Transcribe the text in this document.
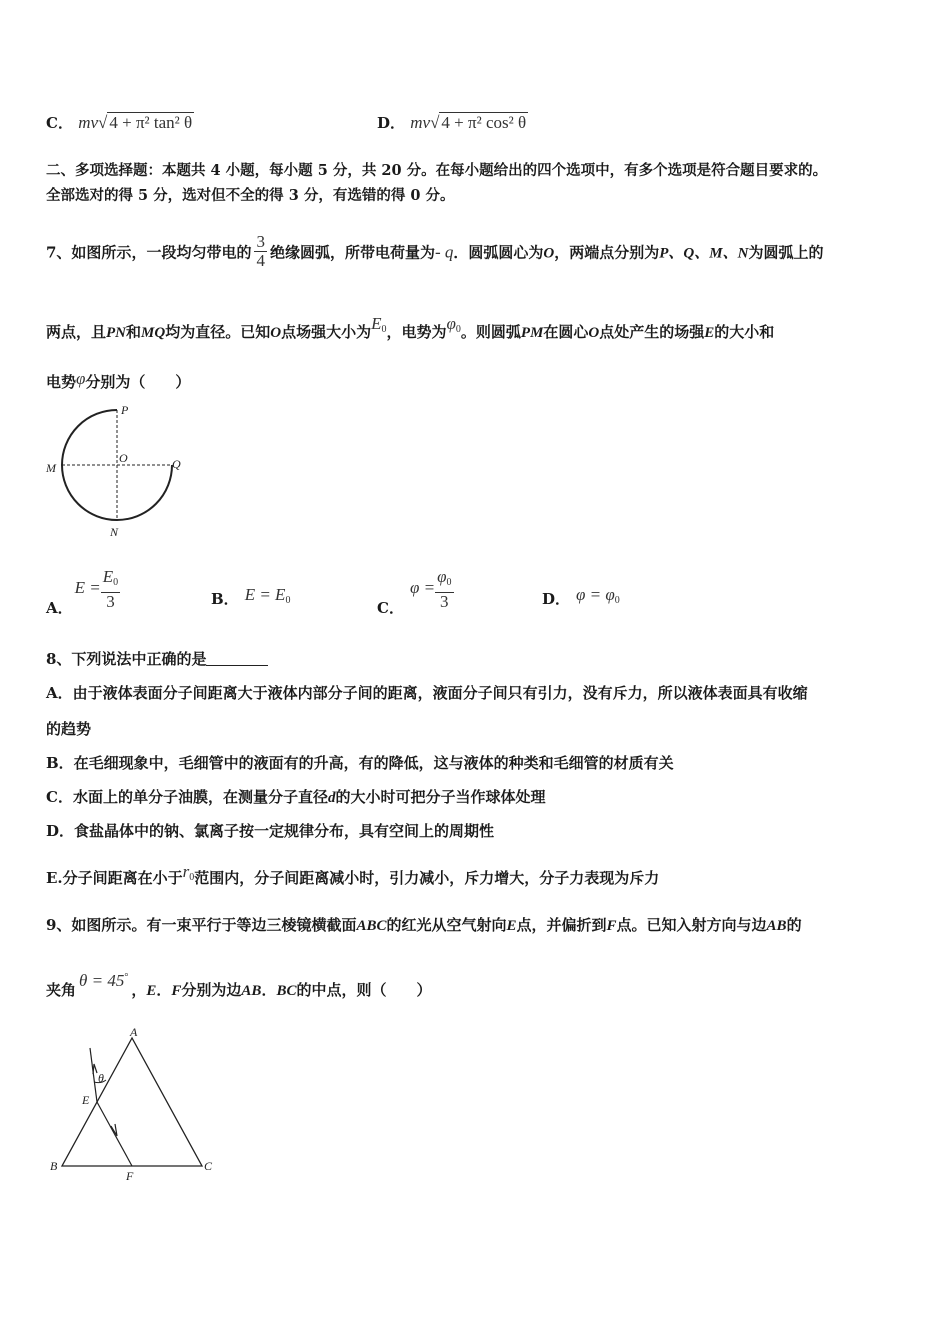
C． mv√ 4 + π² tan² θ	D． mv√ 4 + π² cos² θ
二、多项选择题：本题共 4 小题，每小题 5 分，共 20 分。在每小题给出的四个选项中，有多个选项是符合题目要求的。
全部选对的得 5 分，选对但不全的得 3 分，有选错的得 0 分。
7、如图所示，一段均匀带电的 $\frac{3}{4}$ 绝缘圆弧，所带电荷量为- q．圆弧圆心为O，两端点分别为P、Q、M、N为圆弧上的
两点，且PN和MQ均为直径。已知O点场强大小为$E_0$，电势为$\varphi_0$。则圆弧PM在圆心O点处产生的场强E的大小和
电势φ分别为（　　）
P
O
M	Q
N
A．$E = \frac{E_0}{3}$	B． $E = E_0$	C．$\varphi = \frac{\varphi_0}{3}$	D． $\varphi = \varphi_0$
8、下列说法中正确的是
A．由于液体表面分子间距离大于液体内部分子间的距离，液面分子间只有引力，没有斥力，所以液体表面具有收缩
的趋势
B．在毛细现象中，毛细管中的液面有的升高，有的降低，这与液体的种类和毛细管的材质有关
C．水面上的单分子油膜，在测量分子直径d的大小时可把分子当作球体处理
D．食盐晶体中的钠、氯离子按一定规律分布，具有空间上的周期性
E.分子间距离在小于$r_0$范围内，分子间距离减小时，引力减小，斥力增大，分子力表现为斥力
9、如图所示。有一束平行于等边三棱镜横截面ABC的红光从空气射向E点，并偏折到F点。已知入射方向与边AB的
夹角 θ = 45°，E．F分别为边AB．BC的中点，则（　　）
A
θ
E
B
F
C
